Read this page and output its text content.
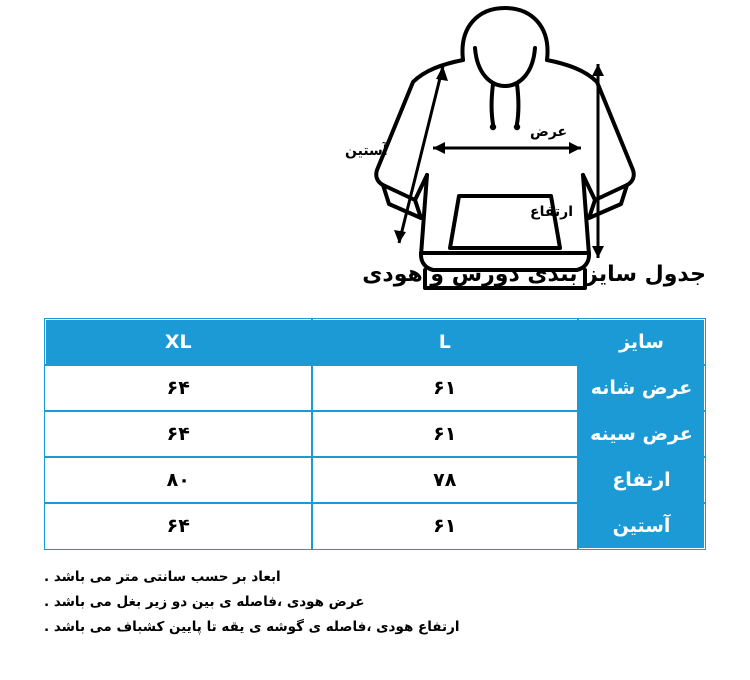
عرض
ارتفاع
آستین
جدول سایز بندی دورس و هودی
سایز	L	XL
عرض شانه	۶۱	۶۴
عرض سینه	۶۱	۶۴
ارتفاع	۷۸	۸۰
آستین	۶۱	۶۴
ابعاد بر حسب سانتی متر می باشد .
عرض هودی ،فاصله ی بین دو زیر بغل می باشد .
ارتفاع هودی ،فاصله ی گوشه ی یقه تا پایین کشباف می باشد .
